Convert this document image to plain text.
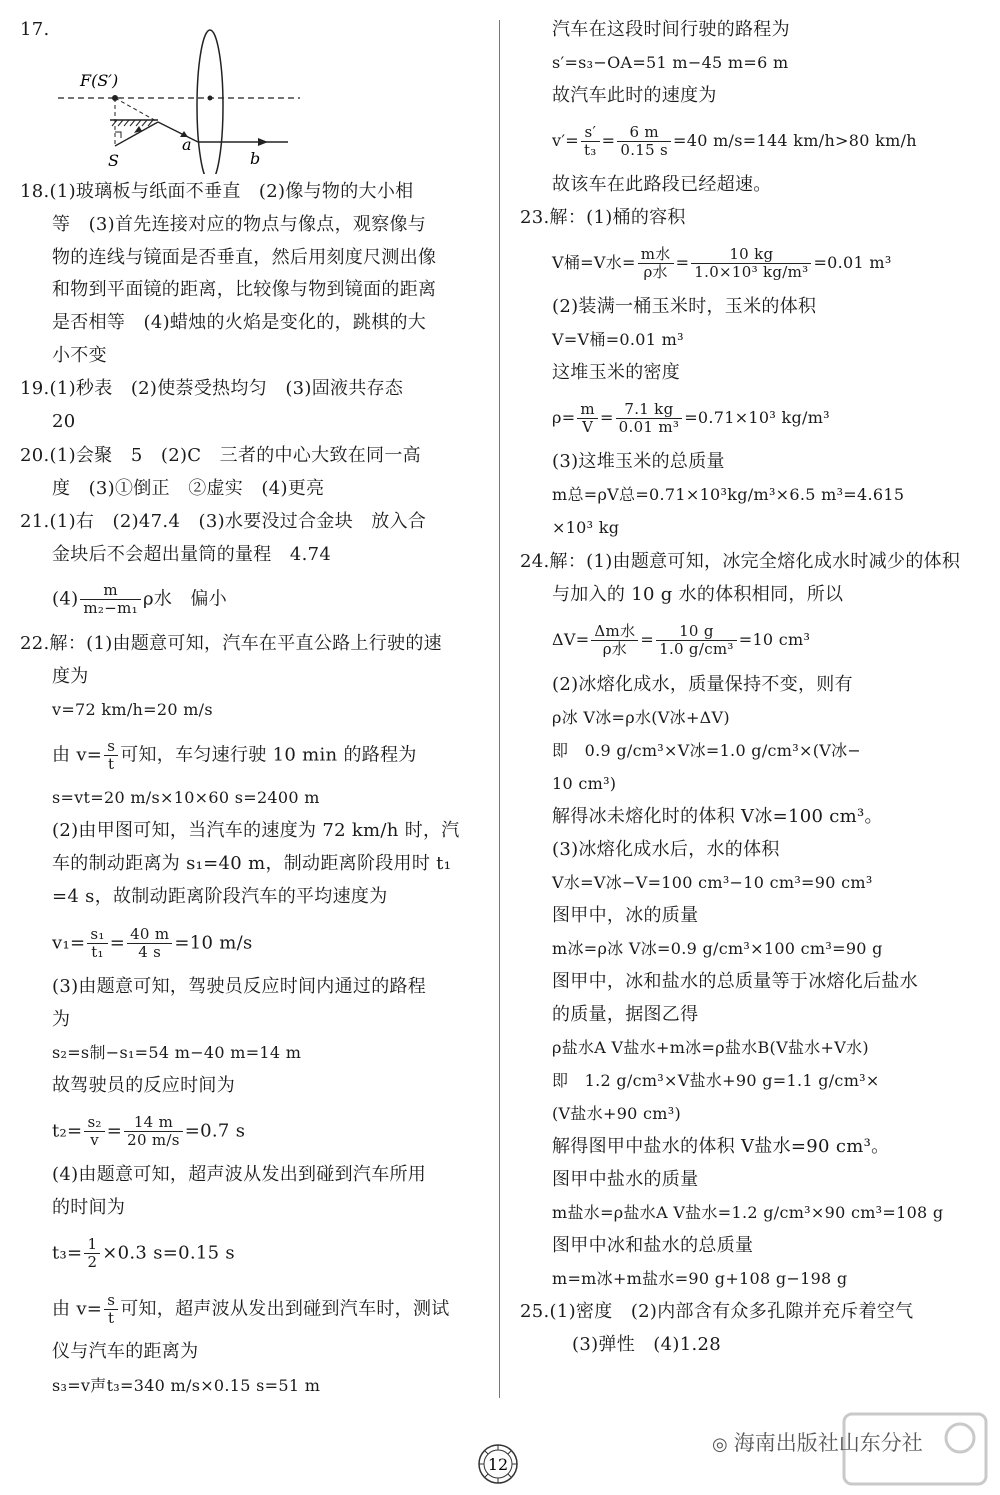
17.
F(S′)
S
a
b
18.(1)玻璃板与纸面不垂直　(2)像与物的大小相
等　(3)首先连接对应的物点与像点，观察像与
物的连线与镜面是否垂直，然后用刻度尺测出像
和物到平面镜的距离，比较像与物到镜面的距离
是否相等　(4)蜡烛的火焰是变化的，跳棋的大
小不变
19.(1)秒表　(2)使萘受热均匀　(3)固液共存态
20
20.(1)会聚　5　(2)C　三者的中心大致在同一高
度　(3)①倒正　②虚实　(4)更亮
21.(1)右　(2)47.4　(3)水要没过合金块　放入合
金块后不会超出量筒的量程　4.74
$(4) \frac{m}{\text{m₂−m₁}}$ ρ水　偏小
22.解：(1)由题意可知，汽车在平直公路上行驶的速
度为
v=72 km/h=20 m/s
由 $v= \frac{s}{t}$ 可知，车匀速行驶 10 min 的路程为
s=vt=20 m/s×10×60 s=2400 m
(2)由甲图可知，当汽车的速度为 72 km/h 时，汽
车的制动距离为 s₁=40 m，制动距离阶段用时 t₁
=4 s，故制动距离阶段汽车的平均速度为
$v_1= \frac{\text{s₁}}{\text{t₁}} = \frac{40 m}{4 s} =10$ m/s
(3)由题意可知，驾驶员反应时间内通过的路程
为
s₂=s制−s₁=54 m−40 m=14 m
故驾驶员的反应时间为
$t_2= \frac{\text{s₂}}{v} = \frac{14 m}{20 m/s} =0.7$ s
(4)由题意可知，超声波从发出到碰到汽车所用
的时间为
$t_3= \frac{1}{2} \times 0.3$ s=0.15 s
由 $v= \frac{s}{t}$ 可知，超声波从发出到碰到汽车时，测试
仪与汽车的距离为
s₃=v声t₃=340 m/s×0.15 s=51 m
汽车在这段时间行驶的路程为
s′=s₃−OA=51 m−45 m=6 m
故汽车此时的速度为
$v'= \frac{s'}{\text{t₃}} = \frac{6 m}{0.15 s} =40$ m/s=144 km/h>80 km/h
故该车在此路段已经超速。
23.解：(1)桶的容积
V桶=V水= $\frac{\text{m水}}{\text{ρ水}} = \frac{10 kg}{\text{1.0×10³ kg/m³}} =0.01$ m³
(2)装满一桶玉米时，玉米的体积
V=V桶=0.01 m³
这堆玉米的密度
$\rho= \frac{m}{V} = \frac{7.1 kg}{\text{0.01 m³}} =0.71\times 10^3$ kg/m³
(3)这堆玉米的总质量
m总=ρV总=0.71×10³kg/m³×6.5 m³=4.615
×10³ kg
24.解：(1)由题意可知，冰完全熔化成水时减少的体积
与加入的 10 g 水的体积相同，所以
$\Delta V= \frac{\text{Δm水}}{\text{ρ水}} = \frac{10 g}{\text{1.0 g/cm³}} =10$ cm³
(2)冰熔化成水，质量保持不变，则有
ρ冰 V冰=ρ水(V冰+ΔV)
即　0.9 g/cm³×V冰=1.0 g/cm³×(V冰−
10 cm³)
解得冰未熔化时的体积 V冰=100 cm³。
(3)冰熔化成水后，水的体积
V水=V冰−V=100 cm³−10 cm³=90 cm³
图甲中，冰的质量
m冰=ρ冰 V冰=0.9 g/cm³×100 cm³=90 g
图甲中，冰和盐水的总质量等于冰熔化后盐水
的质量，据图乙得
ρ盐水A V盐水+m冰=ρ盐水B(V盐水+V水)
即　1.2 g/cm³×V盐水+90 g=1.1 g/cm³×
(V盐水+90 cm³)
解得图甲中盐水的体积 V盐水=90 cm³。
图甲中盐水的质量
m盐水=ρ盐水A V盐水=1.2 g/cm³×90 cm³=108 g
图甲中冰和盐水的总质量
m=m冰+m盐水=90 g+108 g−198 g
25.(1)密度　(2)内部含有众多孔隙并充斥着空气
(3)弹性　(4)1.28
12
◎ 海南出版社山东分社
